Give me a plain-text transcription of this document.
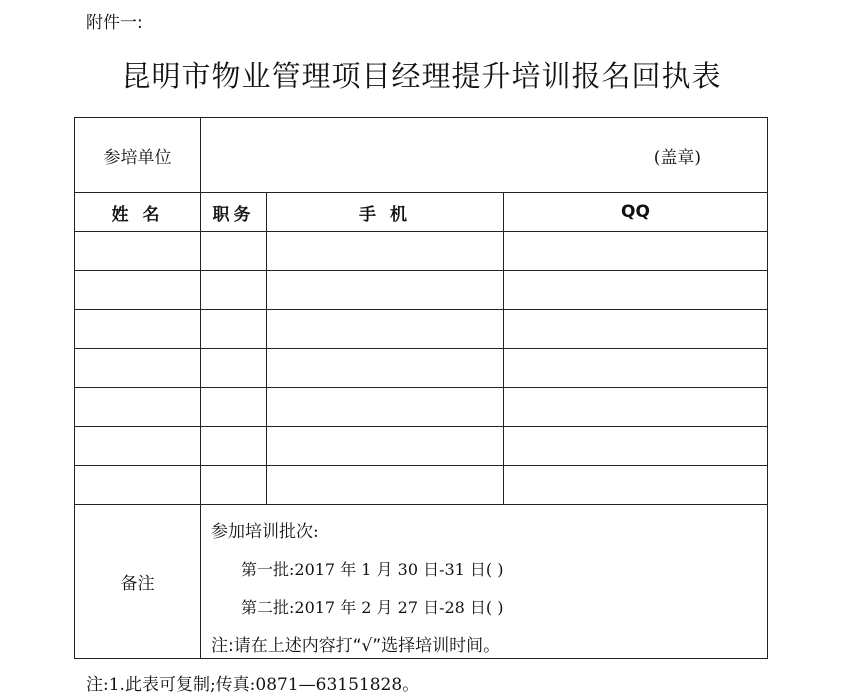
附件一:
昆明市物业管理项目经理提升培训报名回执表
参培单位	(盖章)		
姓 名	职务	手 机	QQ

备注	参加培训批次:
第一批:2017 年 1 月 30 日-31 日( )
第二批:2017 年 2 月 27 日-28 日( )
注:请在上述内容打“√”选择培训时间。		
注:1.此表可复制;传真:0871—63151828。
